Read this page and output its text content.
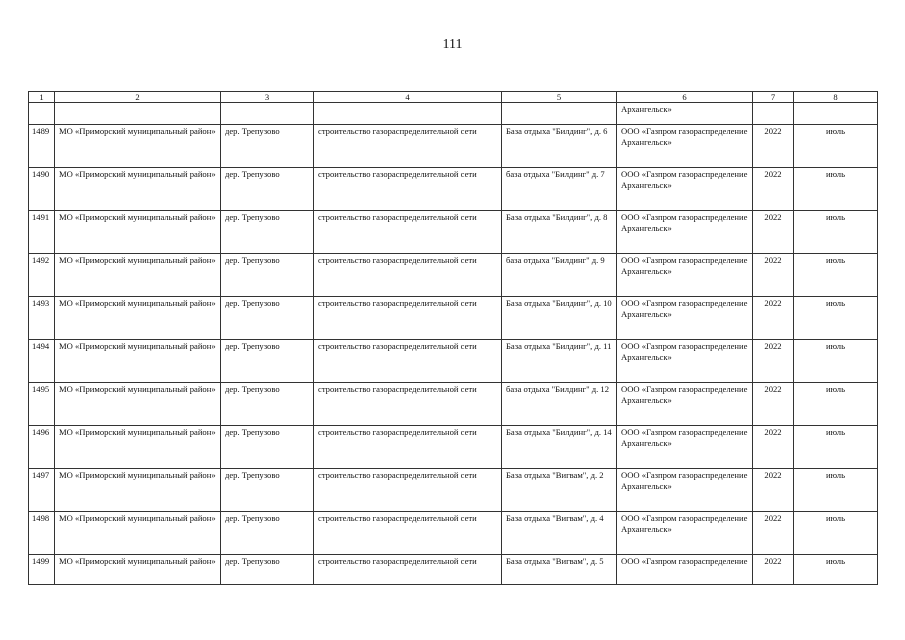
111
1	2	3	4	5	6	7	8
					Архангельск»		
1489	МО «Приморский муниципальный район»	дер. Трепузово	строительство газораспределительной сети	База отдыха "Билдинг", д. 6	ООО «Газпром газораспределение Архангельск»	2022	июль
1490	МО «Приморский муниципальный район»	дер. Трепузово	строительство газораспределительной сети	база отдыха "Билдинг" д. 7	ООО «Газпром газораспределение Архангельск»	2022	июль
1491	МО «Приморский муниципальный район»	дер. Трепузово	строительство газораспределительной сети	База отдыха "Билдинг", д. 8	ООО «Газпром газораспределение Архангельск»	2022	июль
1492	МО «Приморский муниципальный район»	дер. Трепузово	строительство газораспределительной сети	база отдыха "Билдинг" д. 9	ООО «Газпром газораспределение Архангельск»	2022	июль
1493	МО «Приморский муниципальный район»	дер. Трепузово	строительство газораспределительной сети	База отдыха "Билдинг", д. 10	ООО «Газпром газораспределение Архангельск»	2022	июль
1494	МО «Приморский муниципальный район»	дер. Трепузово	строительство газораспределительной сети	База отдыха "Билдинг", д. 11	ООО «Газпром газораспределение Архангельск»	2022	июль
1495	МО «Приморский муниципальный район»	дер. Трепузово	строительство газораспределительной сети	база отдыха "Билдинг" д. 12	ООО «Газпром газораспределение Архангельск»	2022	июль
1496	МО «Приморский муниципальный район»	дер. Трепузово	строительство газораспределительной сети	База отдыха "Билдинг", д. 14	ООО «Газпром газораспределение Архангельск»	2022	июль
1497	МО «Приморский муниципальный район»	дер. Трепузово	строительство газораспределительной сети	База отдыха "Вигвам", д. 2	ООО «Газпром газораспределение Архангельск»	2022	июль
1498	МО «Приморский муниципальный район»	дер. Трепузово	строительство газораспределительной сети	База отдыха "Вигвам", д. 4	ООО «Газпром газораспределение Архангельск»	2022	июль
1499	МО «Приморский муниципальный район»	дер. Трепузово	строительство газораспределительной сети	База отдыха "Вигвам", д. 5	ООО «Газпром газораспределение	2022	июль
